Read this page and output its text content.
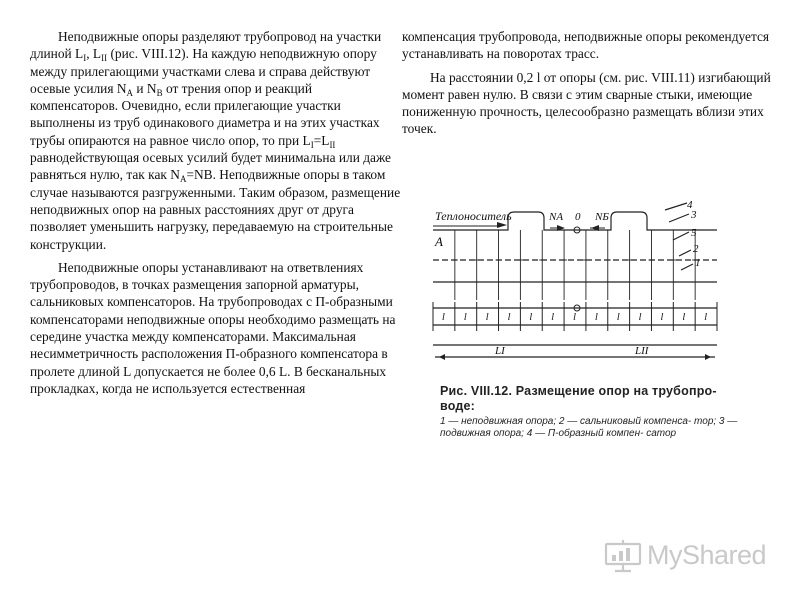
Неподвижные опоры разделяют трубопровод на участки длиной $L_I$, $L_{II}$ (рис. VIII.12). На каждую неподвижную опору между прилегающими участками слева и справа действуют осевые усилия $N_A$ и $N_B$ от трения опор и реакций компенсаторов. Очевидно, если прилегающие участки выполнены из труб одинакового диаметра и на этих участках трубы опираются на равное число опор, то при $L_I=L_{II}$ равнодействующая осевых усилий будет минимальна или даже равняться нулю, так как $N_A=NB$. Неподвижные опоры в таком случае называются разгруженными. Таким образом, размещение неподвижных опор на равных расстояниях друг от друга позволяет уменьшить нагрузку, передаваемую на строительные конструкции.

Неподвижные опоры устанавливают на ответвлениях трубопроводов, в точках размещения запорной арматуры, сальниковых компенсаторов. На трубопроводах с П-образными компенсаторами неподвижные опоры необходимо размещать на середине участка между компенсаторами. Максимальная несимметричность расположения П-образного компенсатора в пролете длиной L допускается не более 0,6 L. В бесканальных прокладках, когда не используется естественная

компенсация трубопровода, неподвижные опоры рекомендуется устанавливать на поворотах трасс.

На расстоянии 0,2 l от опоры (см. рис. VIII.11) изгибающий момент равен нулю. В связи с этим сварные стыки, имеющие пониженную прочность, целесообразно размещать вблизи этих точек.

l l l l l l l l l l l l l
Теплоноситель
A
NA 0 NБ
4
3
5
2
1
LI	LII
Рис. VIII.12. Размещение опор на трубопро- воде:
1 — неподвижная опора; 2 — сальниковый компенса- тор; 3 — подвижная опора; 4 — П-образный компен- сатор
MyShared
